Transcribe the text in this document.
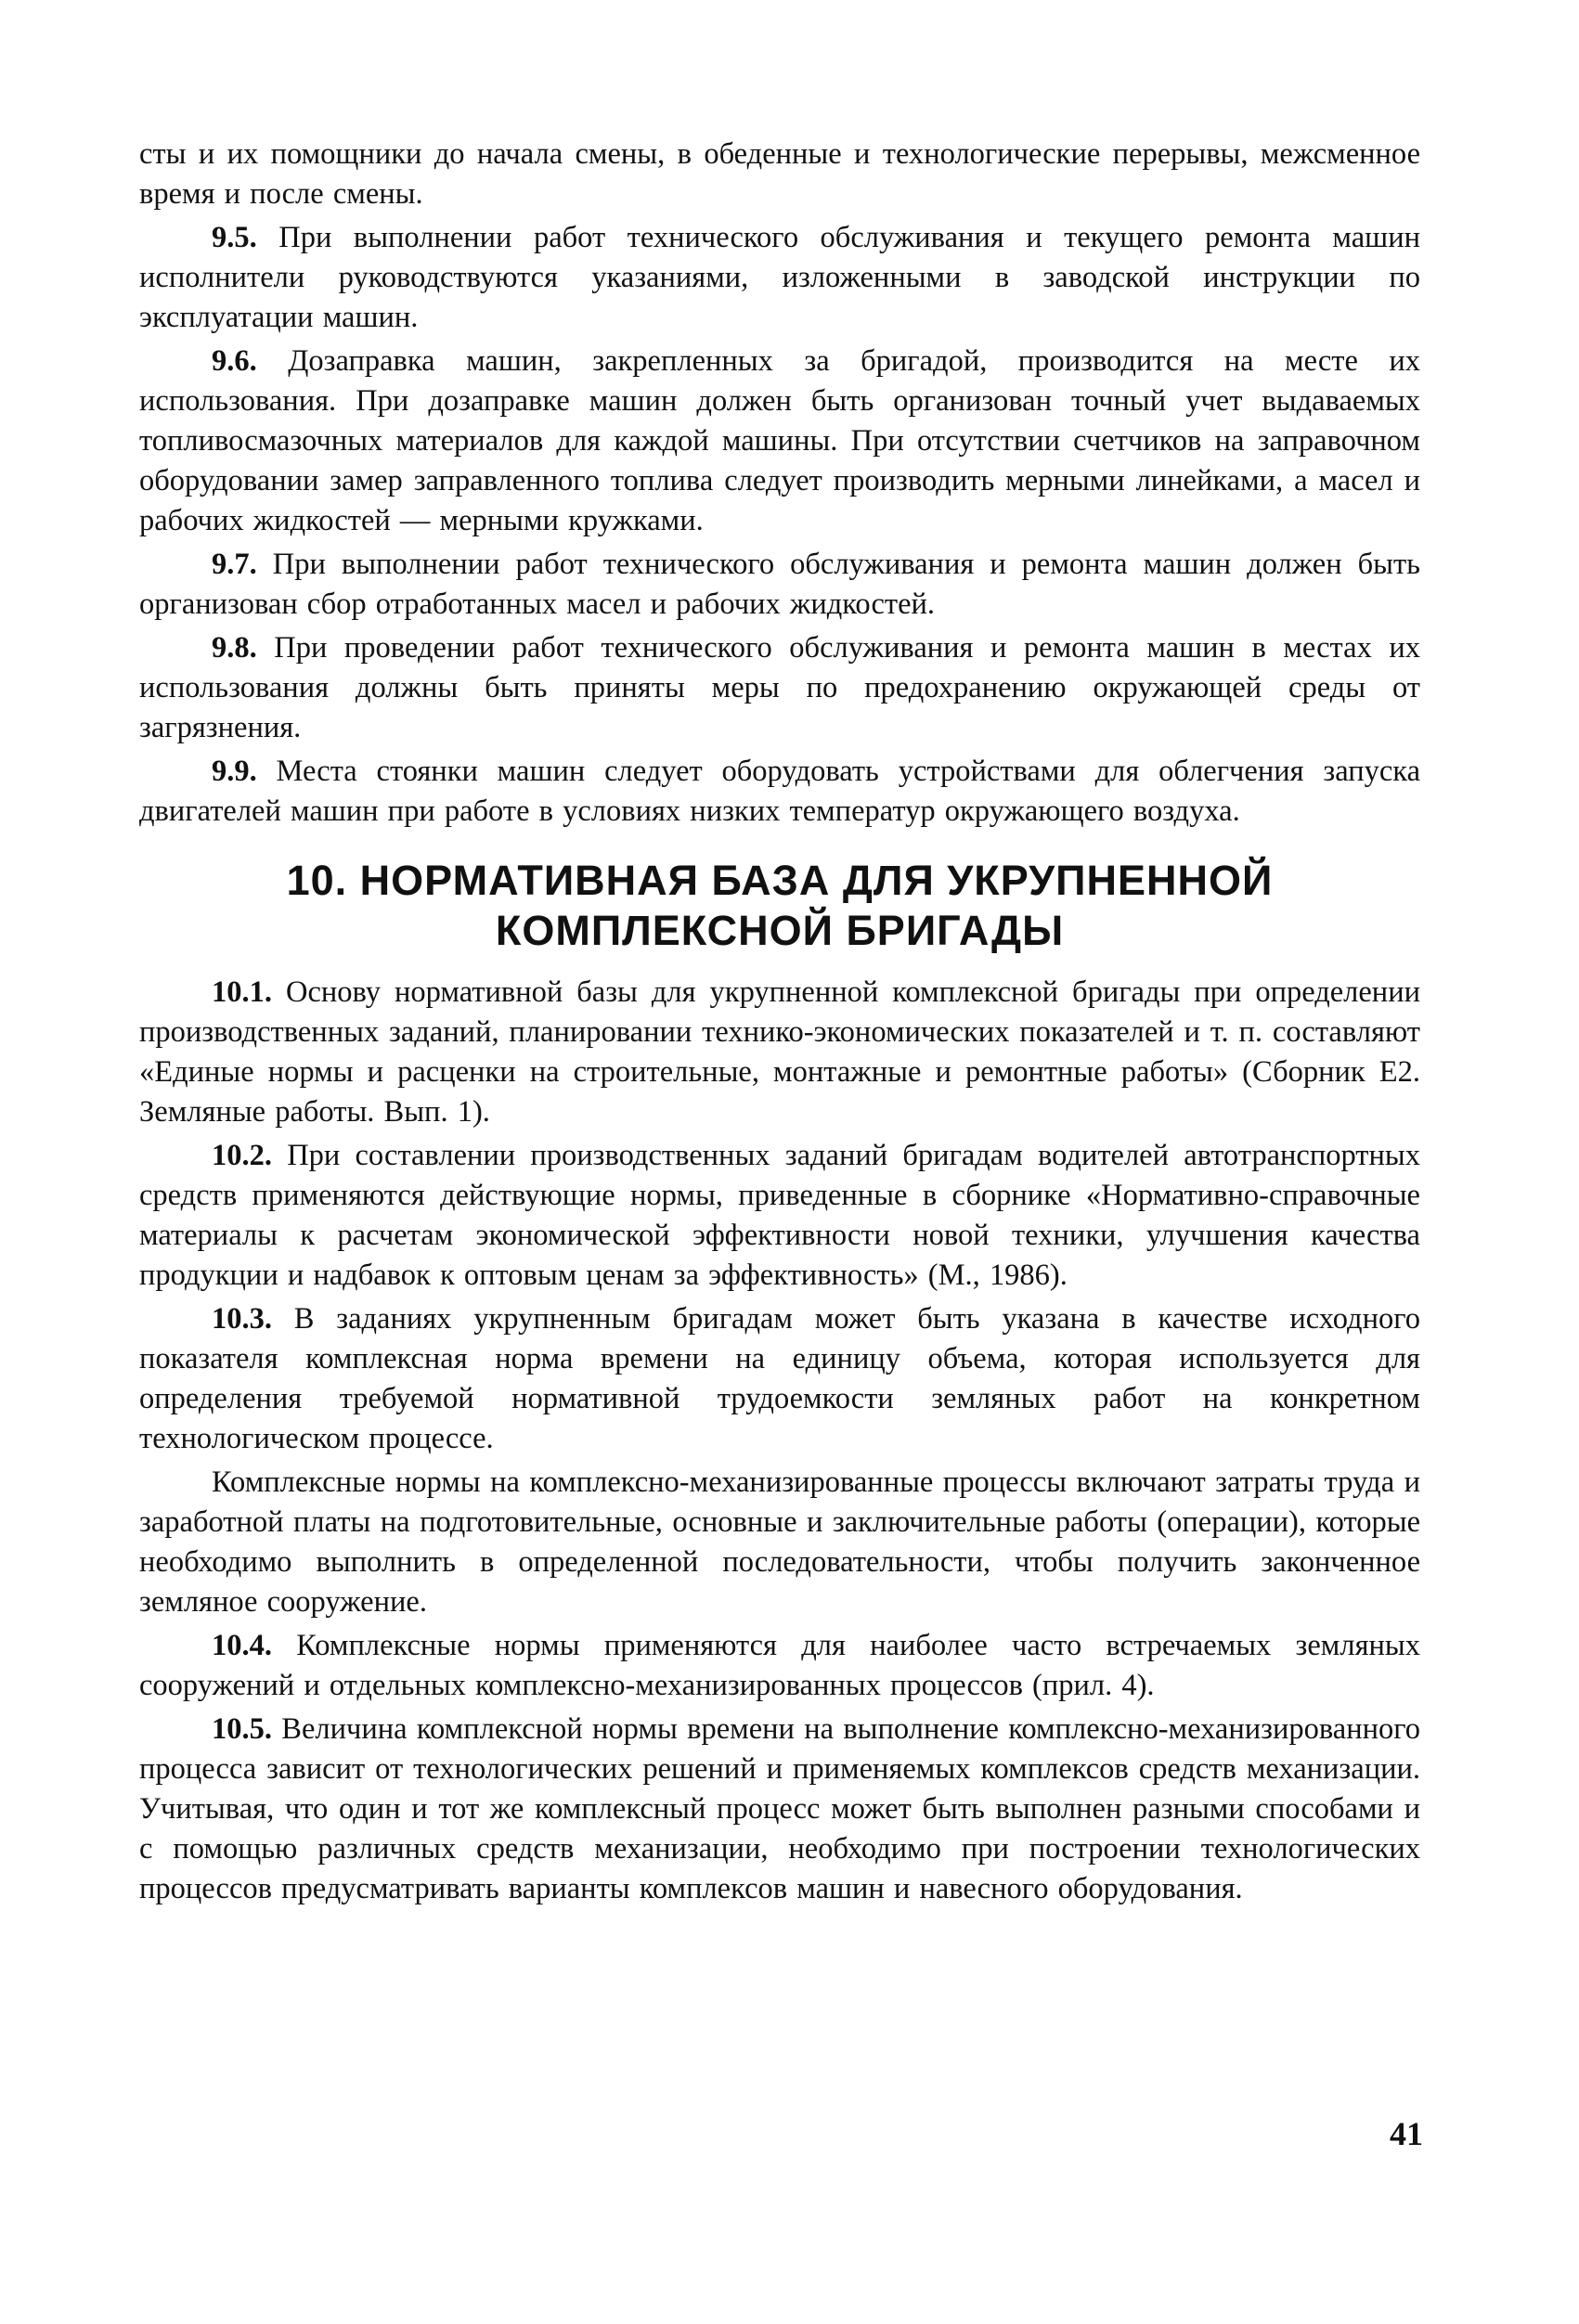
сты и их помощники до начала смены, в обеденные и технологические перерывы, межсменное время и после смены.

9.5. При выполнении работ технического обслуживания и текущего ремонта машин исполнители руководствуются указаниями, изложенными в заводской инструкции по эксплуатации машин.

9.6. Дозаправка машин, закрепленных за бригадой, производится на месте их использования. При дозаправке машин должен быть организован точный учет выдаваемых топливосмазочных материалов для каждой машины. При отсутствии счетчиков на заправочном оборудовании замер заправленного топлива следует производить мерными линейками, а масел и рабочих жидкостей — мерными кружками.

9.7. При выполнении работ технического обслуживания и ремонта машин должен быть организован сбор отработанных масел и рабочих жидкостей.

9.8. При проведении работ технического обслуживания и ремонта машин в местах их использования должны быть приняты меры по предохранению окружающей среды от загрязнения.

9.9. Места стоянки машин следует оборудовать устройствами для облегчения запуска двигателей машин при работе в условиях низких температур окружающего воздуха.

10. НОРМАТИВНАЯ БАЗА ДЛЯ УКРУПНЕННОЙ
КОМПЛЕКСНОЙ БРИГАДЫ

10.1. Основу нормативной базы для укрупненной комплексной бригады при определении производственных заданий, планировании технико-экономических показателей и т. п. составляют «Единые нормы и расценки на строительные, монтажные и ремонтные работы» (Сборник Е2. Земляные работы. Вып. 1).

10.2. При составлении производственных заданий бригадам водителей автотранспортных средств применяются действующие нормы, приведенные в сборнике «Нормативно-справочные материалы к расчетам экономической эффективности новой техники, улучшения качества продукции и надбавок к оптовым ценам за эффективность» (М., 1986).

10.3. В заданиях укрупненным бригадам может быть указана в качестве исходного показателя комплексная норма времени на единицу объема, которая используется для определения требуемой нормативной трудоемкости земляных работ на конкретном технологическом процессе.

Комплексные нормы на комплексно-механизированные процессы включают затраты труда и заработной платы на подготовительные, основные и заключительные работы (операции), которые необходимо выполнить в определенной последовательности, чтобы получить законченное земляное сооружение.

10.4. Комплексные нормы применяются для наиболее часто встречаемых земляных сооружений и отдельных комплексно-механизированных процессов (прил. 4).

10.5. Величина комплексной нормы времени на выполнение комплексно-механизированного процесса зависит от технологических решений и применяемых комплексов средств механизации. Учитывая, что один и тот же комплексный процесс может быть выполнен разными способами и с помощью различных средств механизации, необходимо при построении технологических процессов предусматривать варианты комплексов машин и навесного оборудования.

41
